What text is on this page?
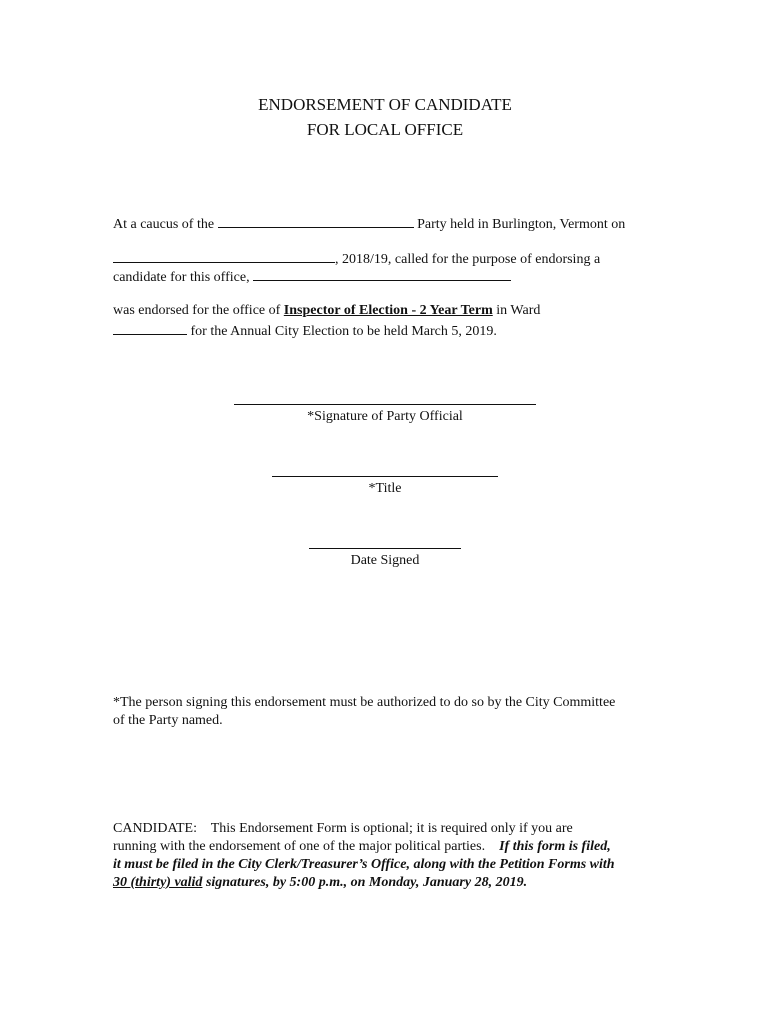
ENDORSEMENT OF CANDIDATE
FOR LOCAL OFFICE
At a caucus of the	Party held in Burlington, Vermont on
, 2018/19, called for the purpose of endorsing a
candidate for this office,
was endorsed for the office of Inspector of Election - 2 Year Term in Ward
for the Annual City Election to be held March 5, 2019.
*Signature of Party Official
*Title
Date Signed
*The person signing this endorsement must be authorized to do so by the City Committee
of the Party named.
CANDIDATE:    This Endorsement Form is optional; it is required only if you are
running with the endorsement of one of the major political parties. If this form is filed,
it must be filed in the City Clerk/Treasurer’s Office, along with the Petition Forms with
30 (thirty) valid signatures, by 5:00 p.m., on Monday, January 28, 2019.
